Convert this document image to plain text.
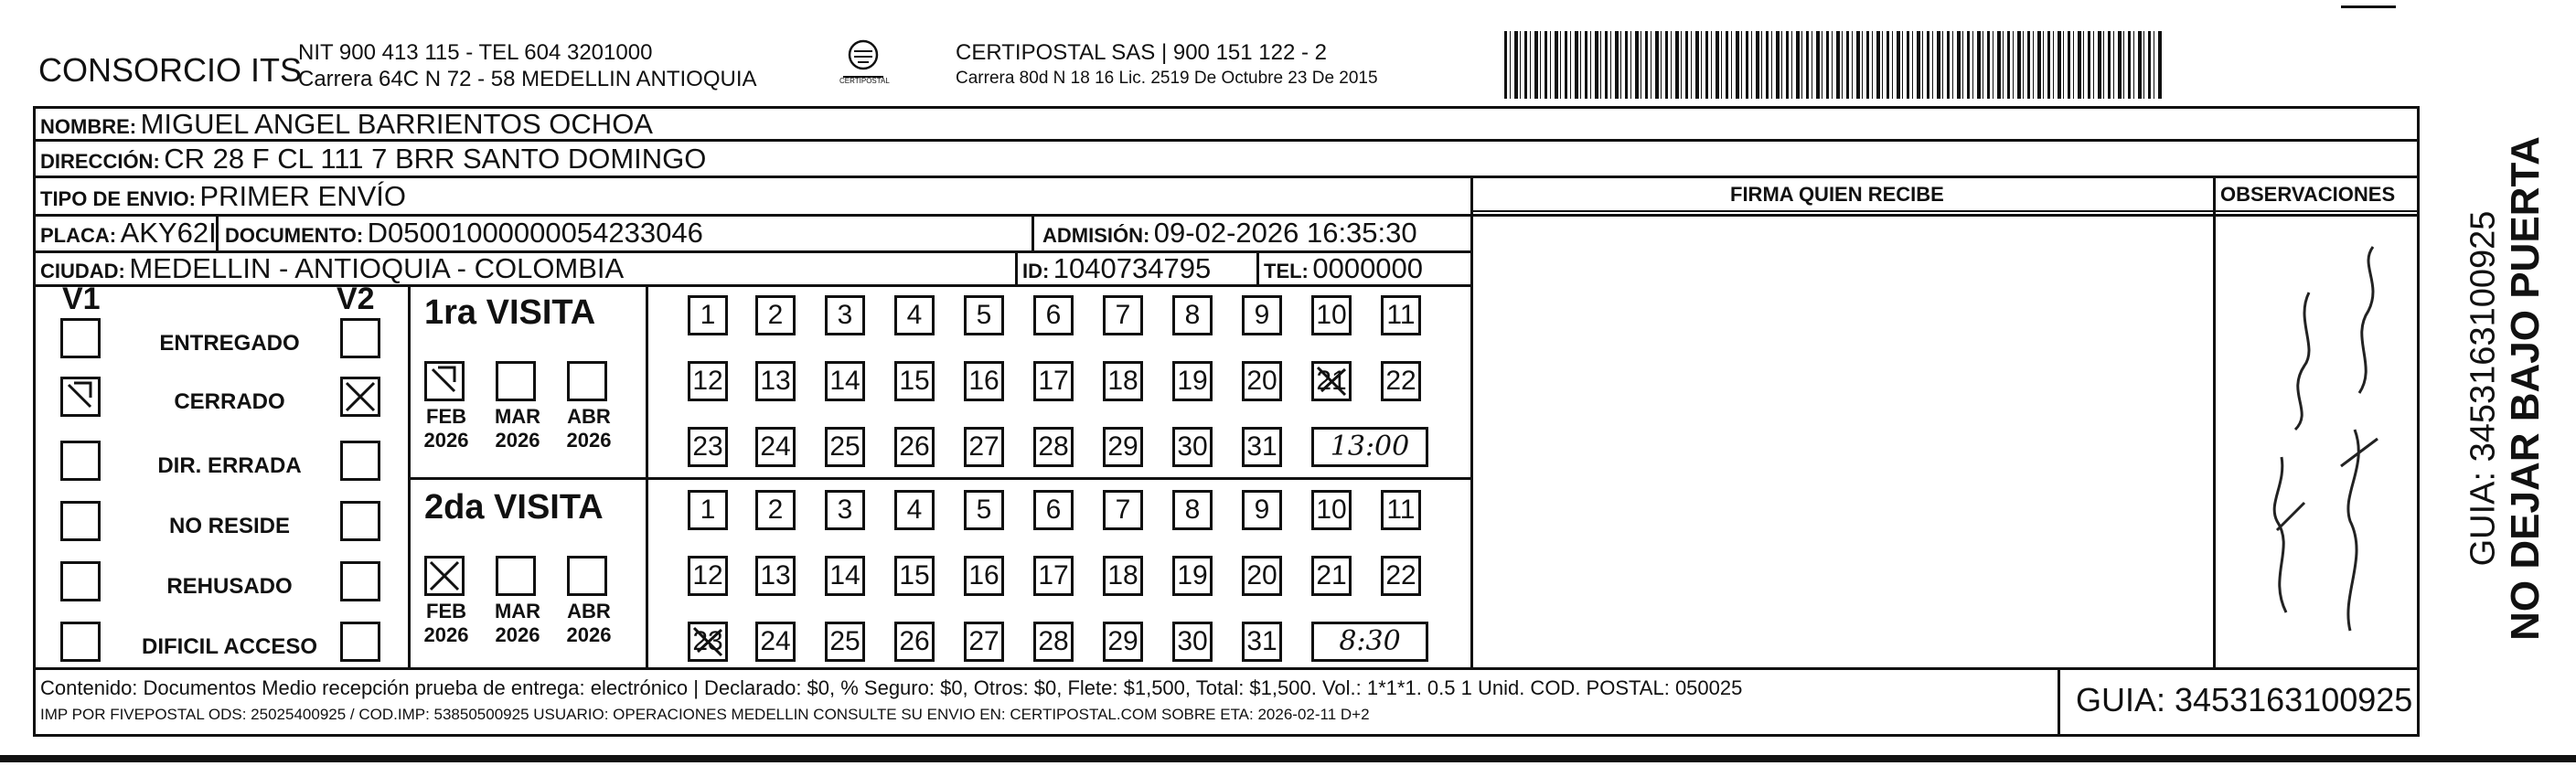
CONSORCIO ITS
NIT 900 413 115 - TEL 604 3201000
Carrera 64C N 72 - 58 MEDELLIN ANTIOQUIA	CERTIPOSTAL
CERTIPOSTAL SAS | 900 151 122 - 2
Carrera 80d N 18 16 Lic. 2519 De Octubre 23 De 2015
NOMBRE: MIGUEL ANGEL BARRIENTOS OCHOA
DIRECCIÓN: CR 28 F CL 111 7 BRR SANTO DOMINGO
TIPO DE ENVIO: PRIMER ENVÍO
PLACA: AKY62I DOCUMENTO: D05001000000054233046	ADMISIÓN: 09-02-2026 16:35:30
CIUDAD: MEDELLIN - ANTIOQUIA - COLOMBIA	ID: 1040734795	TEL: 0000000
FIRMA QUIEN RECIBE	OBSERVACIONES
V1	V2
ENTREGADO
CERRADO
DIR. ERRADA
NO RESIDE
REHUSADO
DIFICIL ACCESO
1ra VISITA
FEB
2026
MAR
2026
ABR
2026
1	2	3	4	5	6	7	8	9	10 11
12 13 14 15 16 17 18 19 20 21 22
23 24 25 26 27 28 29 30 31	13:00
2da VISITA
FEB
2026
MAR
2026
ABR
2026
1	2	3	4	5	6	7	8	9	10 11
12 13 14 15 16 17 18 19 20 21 22
23 24 25 26 27 28 29 30 31	8:30
NO DEJAR BAJO PUERTA
GUIA: 3453163100925
Contenido: Documentos Medio recepción prueba de entrega: electrónico | Declarado: $0, % Seguro: $0, Otros: $0, Flete: $1,500, Total: $1,500. Vol.: 1*1*1. 0.5 1 Unid. COD. POSTAL: 050025
IMP POR FIVEPOSTAL ODS: 25025400925 / COD.IMP: 53850500925 USUARIO: OPERACIONES MEDELLIN CONSULTE SU ENVIO EN: CERTIPOSTAL.COM SOBRE ETA: 2026-02-11 D+2	GUIA: 3453163100925
